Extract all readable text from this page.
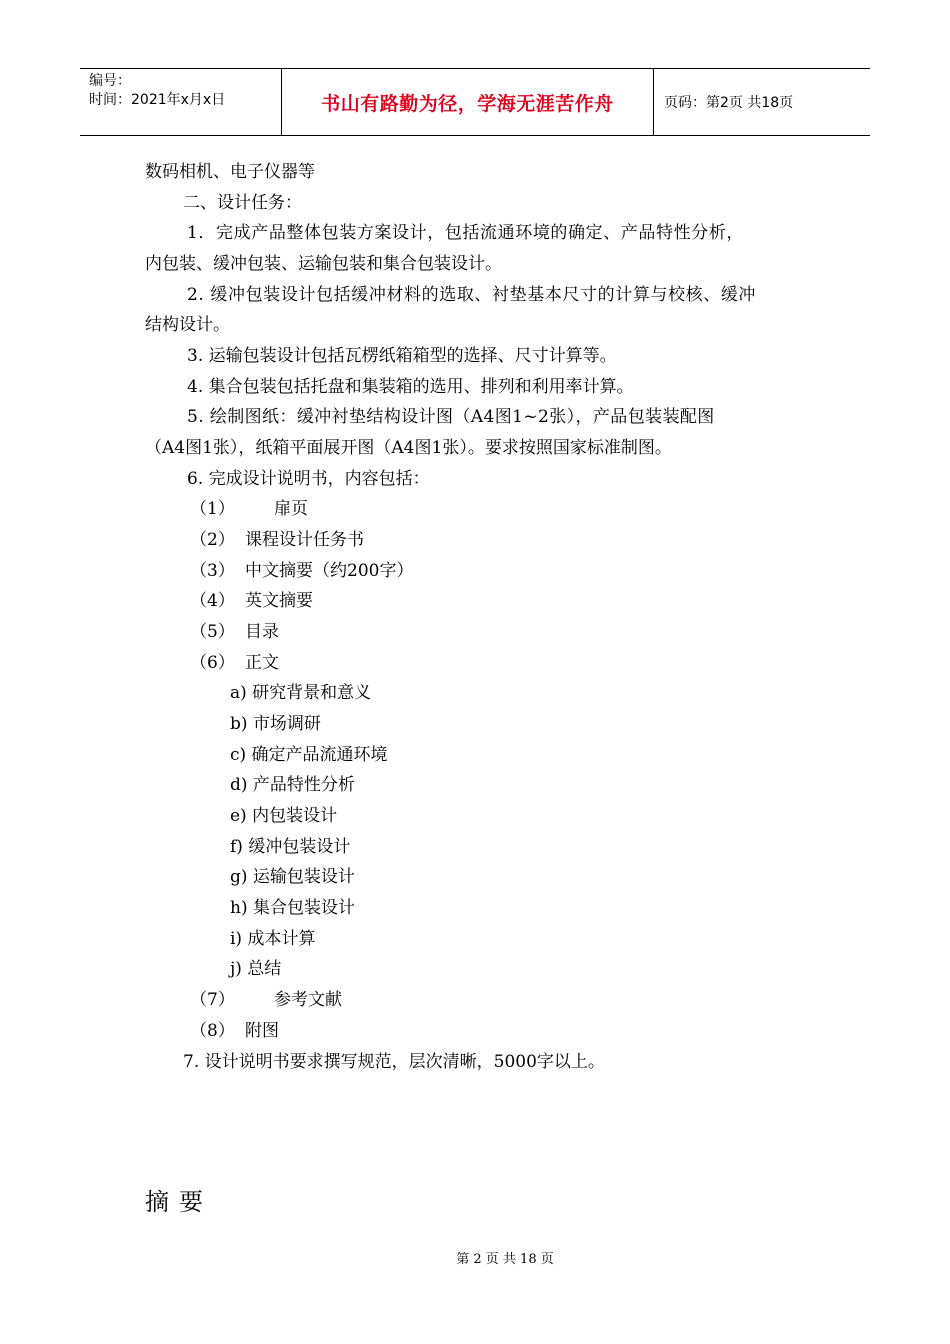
编号：
时间：2021年x月x日	书山有路勤为径，学海无涯苦作舟	页码：第2页 共18页
数码相机、电子仪器等
二、设计任务：
1．完成产品整体包装方案设计，包括流通环境的确定、产品特性分析，
内包装、缓冲包装、运输包装和集合包装设计。
2. 缓冲包装设计包括缓冲材料的选取、衬垫基本尺寸的计算与校核、缓冲
结构设计。
3. 运输包装设计包括瓦楞纸箱箱型的选择、尺寸计算等。
4. 集合包装包括托盘和集装箱的选用、排列和利用率计算。
5. 绘制图纸：缓冲衬垫结构设计图（A4图1~2张），产品包装装配图
（A4图1张），纸箱平面展开图（A4图1张）。要求按照国家标准制图。
6. 完成设计说明书，内容包括：
（1） 扉页
（2） 课程设计任务书
（3） 中文摘要（约200字）
（4） 英文摘要
（5） 目录
（6） 正文
a) 研究背景和意义
b) 市场调研
c) 确定产品流通环境
d) 产品特性分析
e) 内包装设计
f) 缓冲包装设计
g) 运输包装设计
h) 集合包装设计
i) 成本计算
j) 总结
（7） 参考文献
（8） 附图
7. 设计说明书要求撰写规范，层次清晰，5000字以上。
摘要
第 2 页 共 18 页
